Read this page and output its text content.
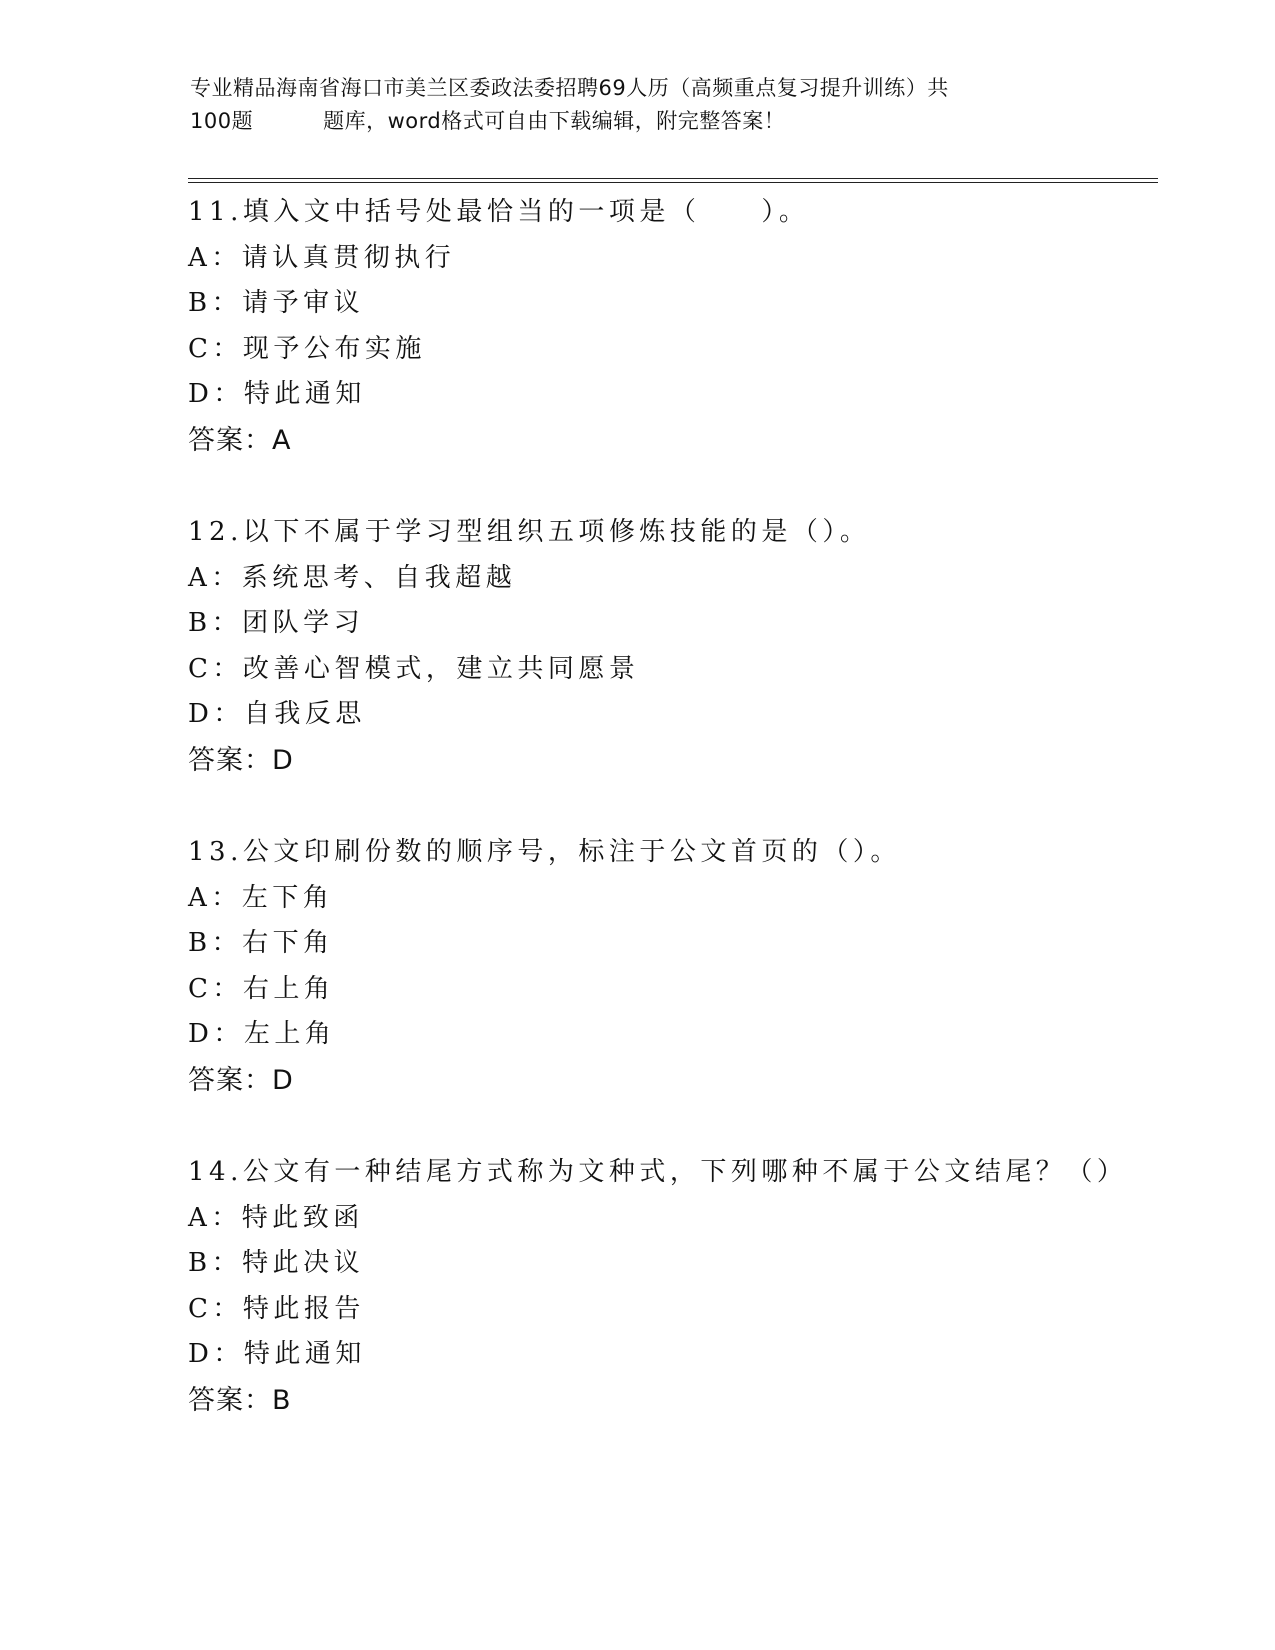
专业精品海南省海口市美兰区委政法委招聘69人历（高频重点复习提升训练）共
100题	题库，word格式可自由下载编辑，附完整答案！
11.填入文中括号处最恰当的一项是（　　）。
A：请认真贯彻执行
B：请予审议
C：现予公布实施
D：特此通知
答案：A
12.以下不属于学习型组织五项修炼技能的是（）。
A：系统思考、自我超越
B：团队学习
C：改善心智模式，建立共同愿景
D：自我反思
答案：D
13.公文印刷份数的顺序号，标注于公文首页的（）。
A：左下角
B：右下角
C：右上角
D：左上角
答案：D
14.公文有一种结尾方式称为文种式，下列哪种不属于公文结尾？（）
A：特此致函
B：特此决议
C：特此报告
D：特此通知
答案：B
